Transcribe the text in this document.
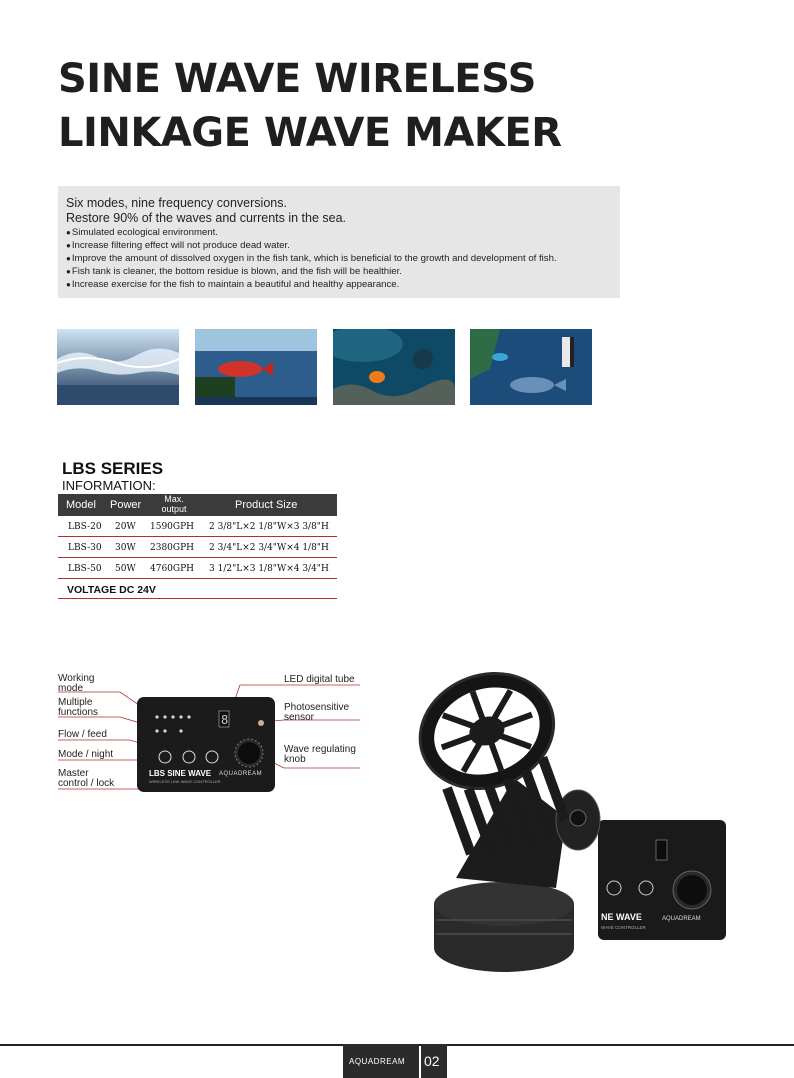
SINE WAVE WIRELESS
LINKAGE WAVE MAKER
Six modes, nine frequency conversions.
Restore 90% of the waves and currents in the sea.
● Simulated ecological environment.
● Increase filtering effect will not produce dead water.
● Improve the amount of dissolved oxygen in the fish tank, which is beneficial to the growth and development of fish.
● Fish tank is cleaner, the bottom residue is blown, and the fish will be healthier.
● Increase exercise for the fish to maintain a beautiful and healthy appearance.
LBS SERIES
INFORMATION:
Model Power	Max. output	Product Size
LBS-20 20W 1590GPH 2 3/8"L×2 1/8"W×3 3/8"H
LBS-30 30W 2380GPH 2 3/4"L×2 3/4"W×4 1/8"H
LBS-50 50W 4760GPH 3 1/2"L×3 1/8"W×4 3/4"H
VOLTAGE DC 24V
Working
mode
Multiple
functions
Flow / feed
Mode / night
Master
control / lock
LED digital tube
Photosensitive
sensor
Wave regulating
knob
8
LBS SINE WAVE
WIRELESS LINK WAVE CONTROLLER
AQUADREAM
NE WAVE
WAVE CONTROLLER
AQUADREAM
AQUADREAM 02
